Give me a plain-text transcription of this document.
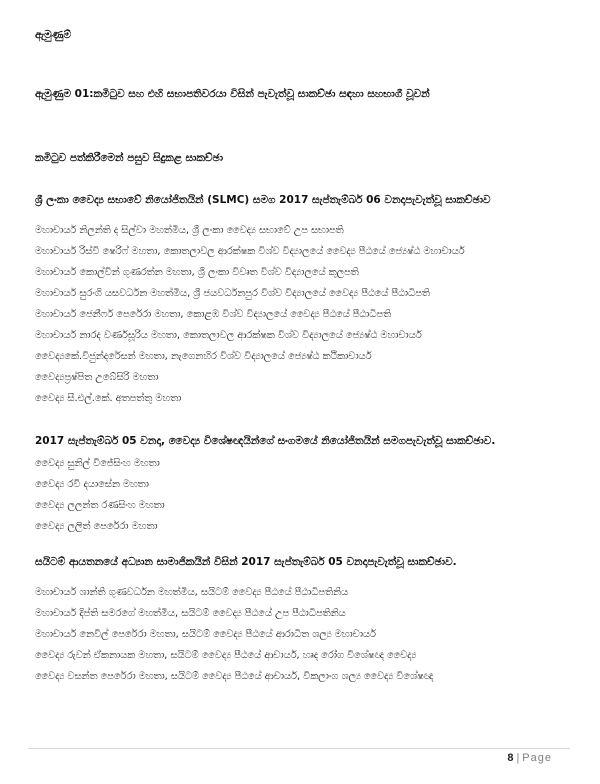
ඇමුණුම්
ඇමුණුම 01:කමිටුව සහ එහි සභාපතිවරයා විසින් පැවැත්වූ සාකච්ඡා සඳහා සහභාගී වූවන්
කමිටුව පත්කිරීමෙන් පසුව සිදුකළ සාකච්ඡා
ශ්‍රී ලංකා වෛද්‍ය සභාවේ නියෝජිතයින් (SLMC) සමග 2017 සැප්තැම්බර් 06 වනදාපැවැත්වූ සාකච්ඡාව
මහාචාර්ය නිලන්ති ද සිල්වා මහත්මිය, ශ්‍රී ලංකා වෛද්‍ය සභාවේ උප සභාපති
මහාචාර්ය රිස්වි ෂෙරිෆ් මහතා, කොතලාවල ආරක්ෂක විශ්ව විද්‍යාලයේ වෛද්‍ය පීඨයේ ජ්‍යෙෂ්ඨ මහාචාර්ය
මහාචාර්ය කොල්වින් ගුණරත්න මහතා, ශ්‍රී ලංකා විවෘත විශ්ව විද්‍යාලයේ කුලපති
මහාචාර්ය සුරංගි යසවර්ධන මහත්මිය, ශ්‍රී ජයවර්ධනපුර විශ්ව විද්‍යාලයේ වෛද්‍ය පීඨයේ පීඨාධිපති
මහාචාර්ය ජෙනීෆර් පෙරේරා මහතා, කොළඹ විශ්ව විද්‍යාලයේ වෛද්‍ය පීඨයේ පීඨාධිපති
මහාචාර්ය නාරද වර්ණසූරිය මහතා, කොතලාවල ආරක්ෂක විශ්ව විද්‍යාලයේ ජ්‍යෙෂ්ඨ මහාචාර්ය
වෛද්‍යකේ.විජුන්දරේසන් මහතා, නැගෙනහිර විශ්ව විද්‍යාලයේ ජ්‍යෙෂ්ඨ කථිකාචාර්ය
වෛද්‍යප්‍රෂ්පිත උබේසිරි මහතා
වෛද්‍ය සී.එල්.කේ. අතපත්තු මහතා
2017 සැප්තැම්බර් 05 වනදා, වෛද්‍ය විශේෂඥයින්ගේ සංගමයේ නියෝජිතයින් සමගපැවැත්වූ සාකච්ඡාව.
වෛද්‍ය සුනිල් විජේසිංහ මහතා
වෛද්‍ය රවි දයාසේන මහතා
වෛද්‍ය ලලන්ත රණසිංහ මහතා
වෛද්‍ය ලලිත් පෙරේරා මහතා
සයිටම් ආයතනයේ අධ්‍යාන සාමාජිකයින් විසින් 2017 සැප්තැම්බර් 05 වනදාපැවැත්වූ සාකච්ඡාව.
මහාචාර්ය ශාන්ති ගුණවර්ධන මහත්මිය, සයිටම් වෛද්‍ය පීඨයේ පීඨාධිපතිනිය
මහාචාර්ය දිප්ති සමරගේ මහත්මිය, සයිටම් වෛද්‍ය පීඨයේ උප පීඨාධිපතිනිය
මහාචාර්ය නෙවිල් පෙරේරා මහතා, සයිටම් වෛද්‍ය පීඨයේ ආරාධිත ශල්‍ය මහාචාර්ය
වෛද්‍ය රුවන් ඒකනායක මහතා, සයිටම් වෛද්‍ය පීඨයේ ආචාර්ය, හෘද රෝග විශේෂඥ වෛද්‍ය
වෛද්‍ය වසන්ත පෙරේරා මහතා, සයිටම් වෛද්‍ය පීඨයේ ආචාර්ය, විකලාංග ශල්‍ය වෛද්‍ය විශේෂඥ
8 | Page
